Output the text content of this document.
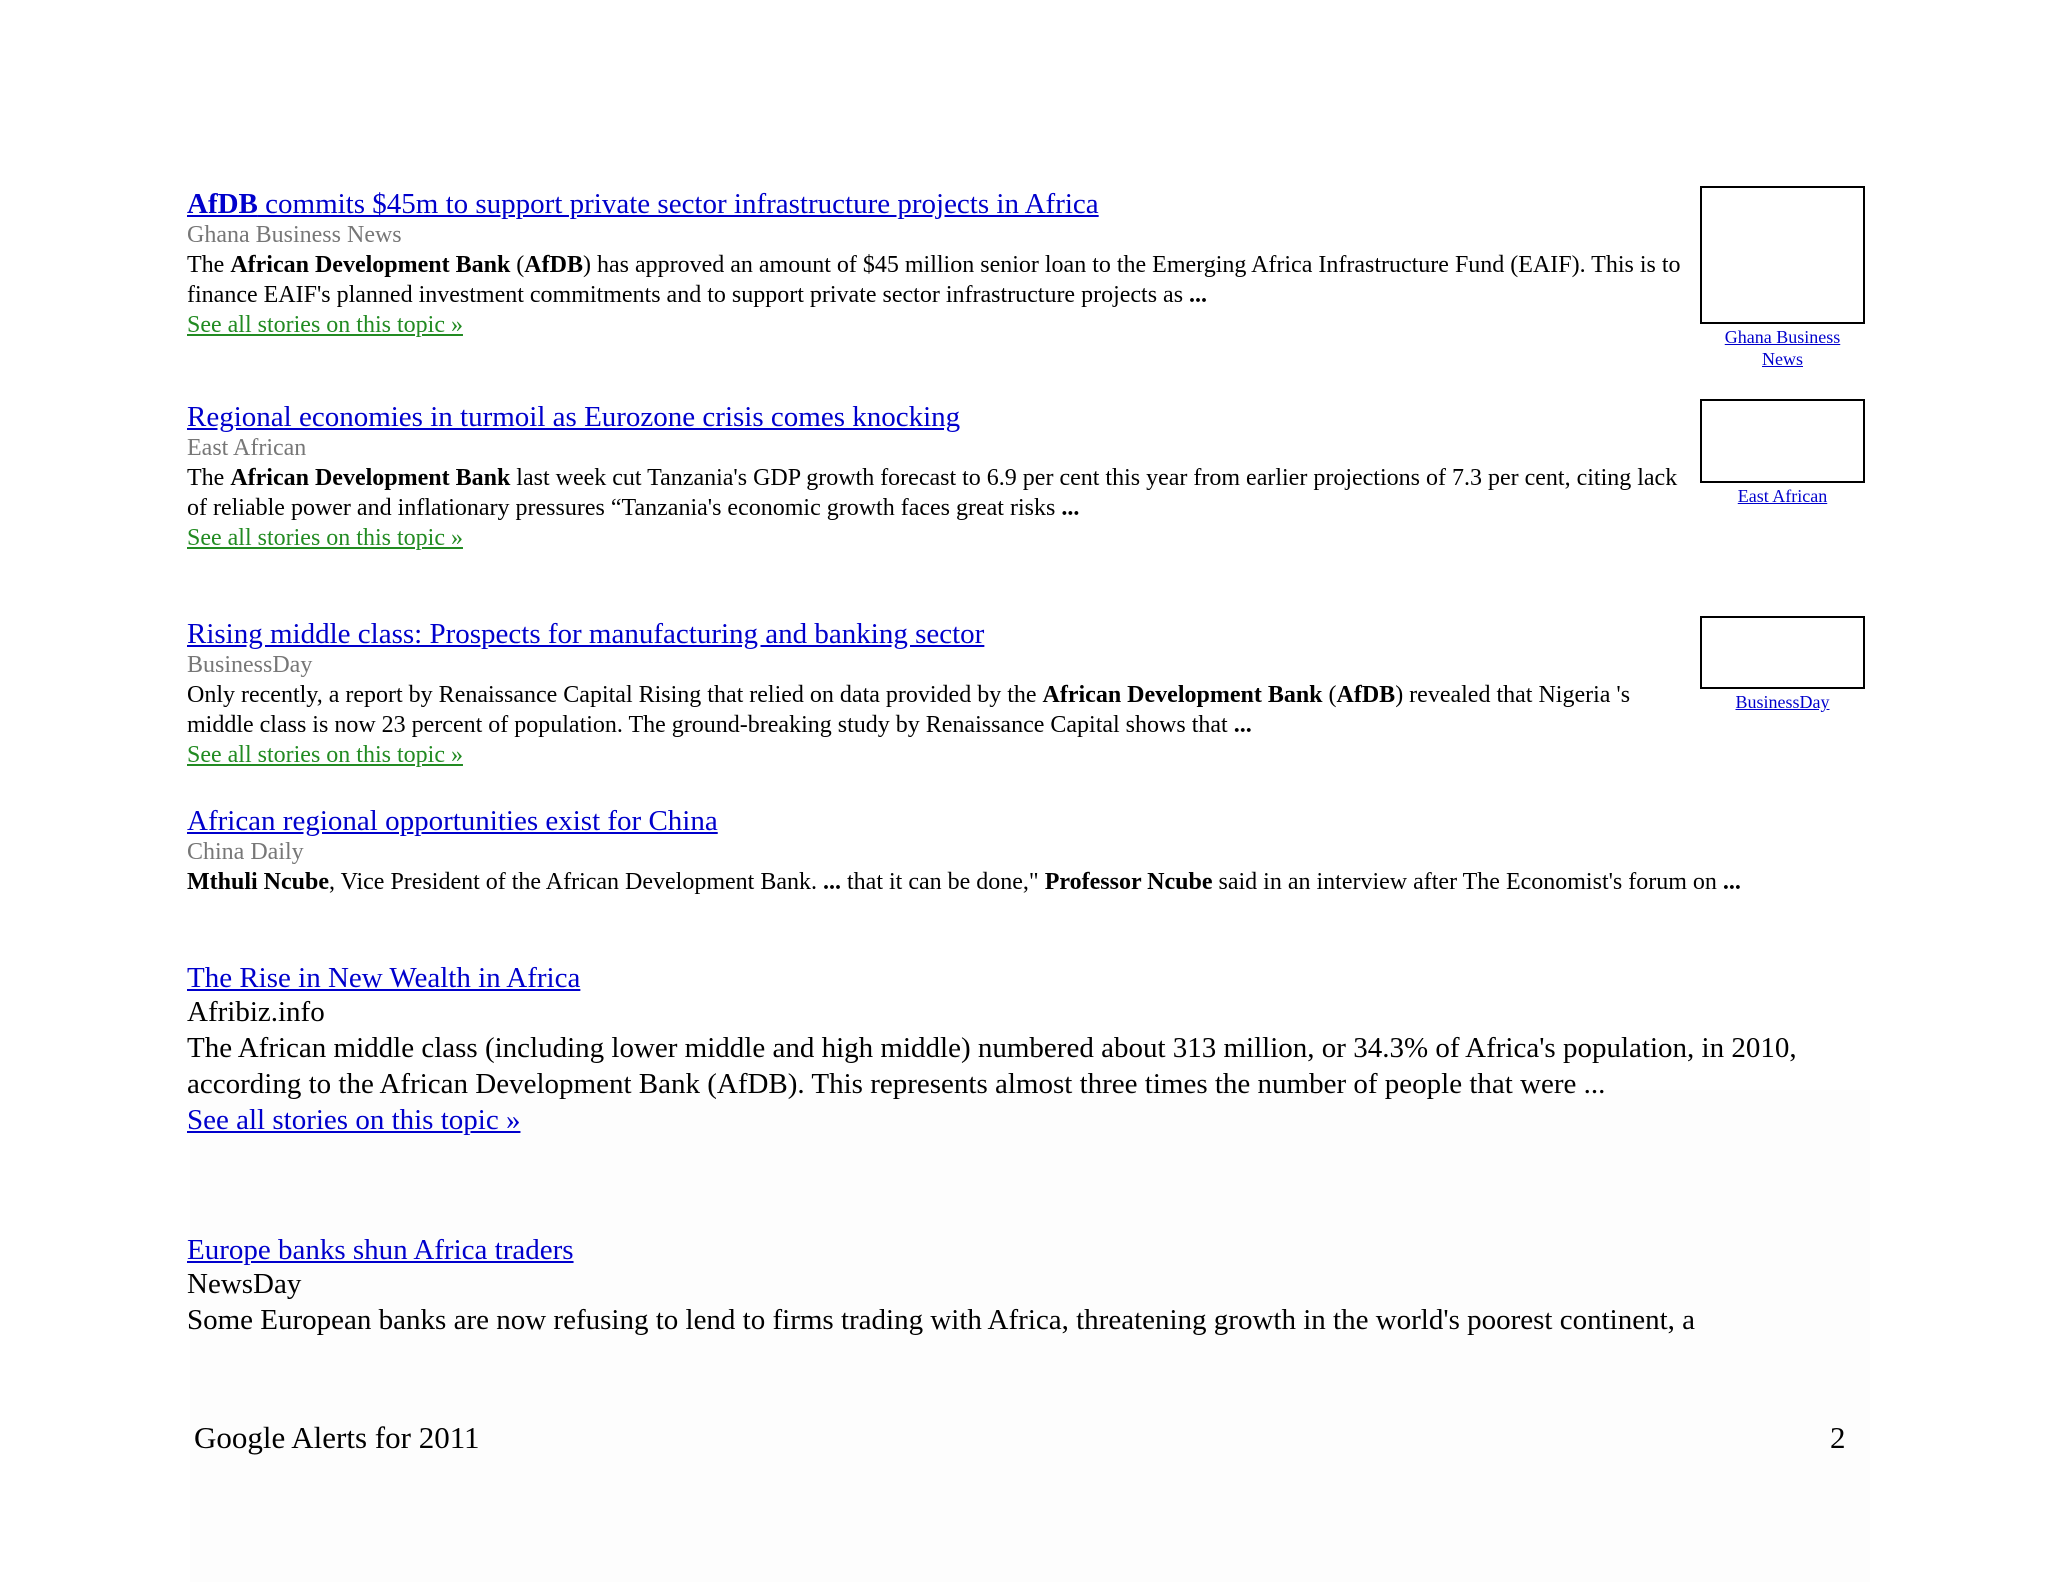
AfDB commits $45m to support private sector infrastructure projects in Africa
Ghana Business News
The African Development Bank (AfDB) has approved an amount of $45 million senior loan to the Emerging Africa Infrastructure Fund (EAIF). This is to finance EAIF's planned investment commitments and to support private sector infrastructure projects as ...
See all stories on this topic »	Ghana Business News
Regional economies in turmoil as Eurozone crisis comes knocking
East African
The African Development Bank last week cut Tanzania's GDP growth forecast to 6.9 per cent this year from earlier projections of 7.3 per cent, citing lack of reliable power and inflationary pressures “Tanzania's economic growth faces great risks ...
See all stories on this topic »
East African
Rising middle class: Prospects for manufacturing and banking sector
BusinessDay
Only recently, a report by Renaissance Capital Rising that relied on data provided by the African Development Bank (AfDB) revealed that Nigeria 's middle class is now 23 percent of population. The ground-breaking study by Renaissance Capital shows that ...
See all stories on this topic »
BusinessDay
African regional opportunities exist for China
China Daily
Mthuli Ncube, Vice President of the African Development Bank. ... that it can be done," Professor Ncube said in an interview after The Economist's forum on ...
The Rise in New Wealth in Africa
Afribiz.info
The African middle class (including lower middle and high middle) numbered about 313 million, or 34.3% of Africa's population, in 2010, according to the African Development Bank (AfDB). This represents almost three times the number of people that were ...
See all stories on this topic »
Europe banks shun Africa traders
NewsDay
Some European banks are now refusing to lend to firms trading with Africa, threatening growth in the world's poorest continent, a
Google Alerts for 2011	2
